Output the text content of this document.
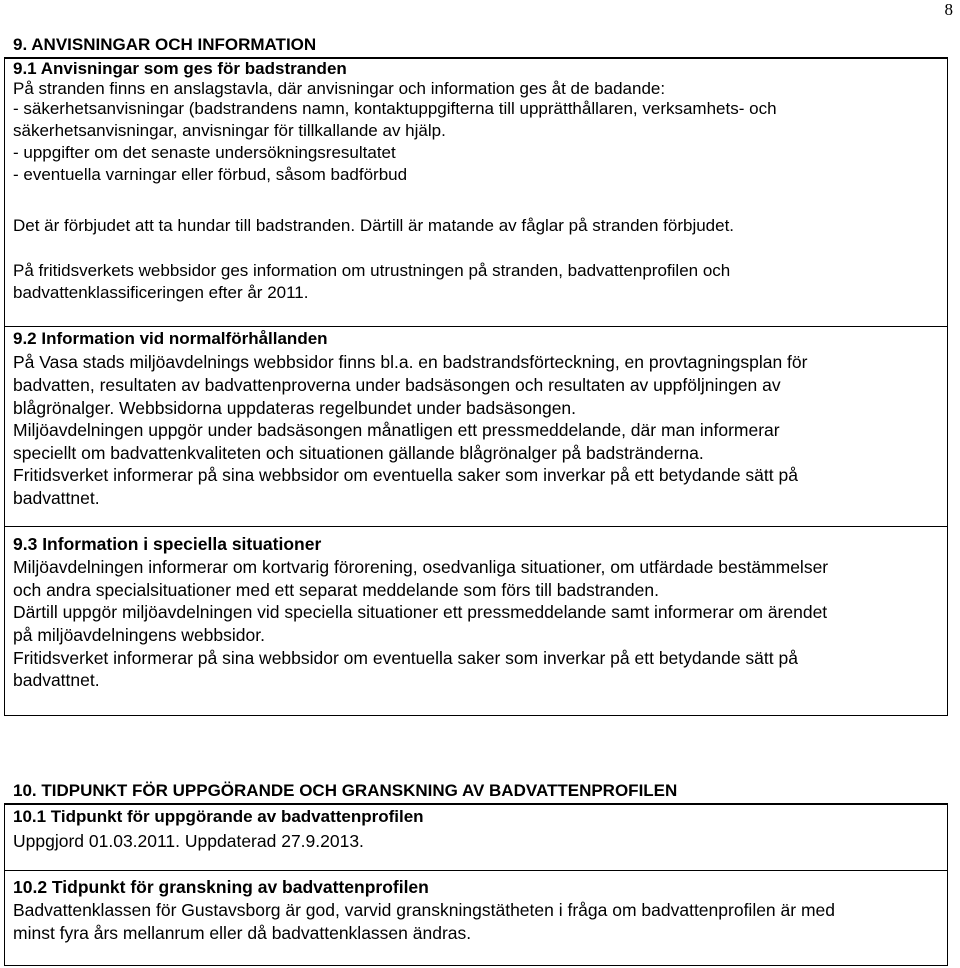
8
9. ANVISNINGAR OCH INFORMATION

9.1 Anvisningar som ges för badstranden

På stranden finns en anslagstavla, där anvisningar och information ges åt de badande:

- säkerhetsanvisningar (badstrandens namn, kontaktuppgifterna till upprätthållaren, verksamhets- och

säkerhetsanvisningar, anvisningar för tillkallande av hjälp.

- uppgifter om det senaste undersökningsresultatet

- eventuella varningar eller förbud, såsom badförbud

Det är förbjudet att ta hundar till badstranden. Därtill är matande av fåglar på stranden förbjudet.

På fritidsverkets webbsidor ges information om utrustningen på stranden, badvattenprofilen och

badvattenklassificeringen efter år 2011.

9.2 Information vid normalförhållanden

På Vasa stads miljöavdelnings webbsidor finns bl.a. en badstrandsförteckning, en provtagningsplan för

badvatten, resultaten av badvattenproverna under badsäsongen och resultaten av uppföljningen av

blågrönalger. Webbsidorna uppdateras regelbundet under badsäsongen.

Miljöavdelningen uppgör under badsäsongen månatligen ett pressmeddelande, där man informerar

speciellt om badvattenkvaliteten och situationen gällande blågrönalger på badstränderna.

Fritidsverket informerar på sina webbsidor om eventuella saker som inverkar på ett betydande sätt på

badvattnet.

9.3 Information i speciella situationer

Miljöavdelningen informerar om kortvarig förorening, osedvanliga situationer, om utfärdade bestämmelser

och andra specialsituationer med ett separat meddelande som förs till badstranden.

Därtill uppgör miljöavdelningen vid speciella situationer ett pressmeddelande samt informerar om ärendet

på miljöavdelningens webbsidor.

Fritidsverket informerar på sina webbsidor om eventuella saker som inverkar på ett betydande sätt på

badvattnet.

10. TIDPUNKT FÖR UPPGÖRANDE OCH GRANSKNING AV BADVATTENPROFILEN

10.1 Tidpunkt för uppgörande av badvattenprofilen

Uppgjord 01.03.2011. Uppdaterad 27.9.2013.

10.2 Tidpunkt för granskning av badvattenprofilen

Badvattenklassen för Gustavsborg är god, varvid granskningstätheten i fråga om badvattenprofilen är med

minst fyra års mellanrum eller då badvattenklassen ändras.
